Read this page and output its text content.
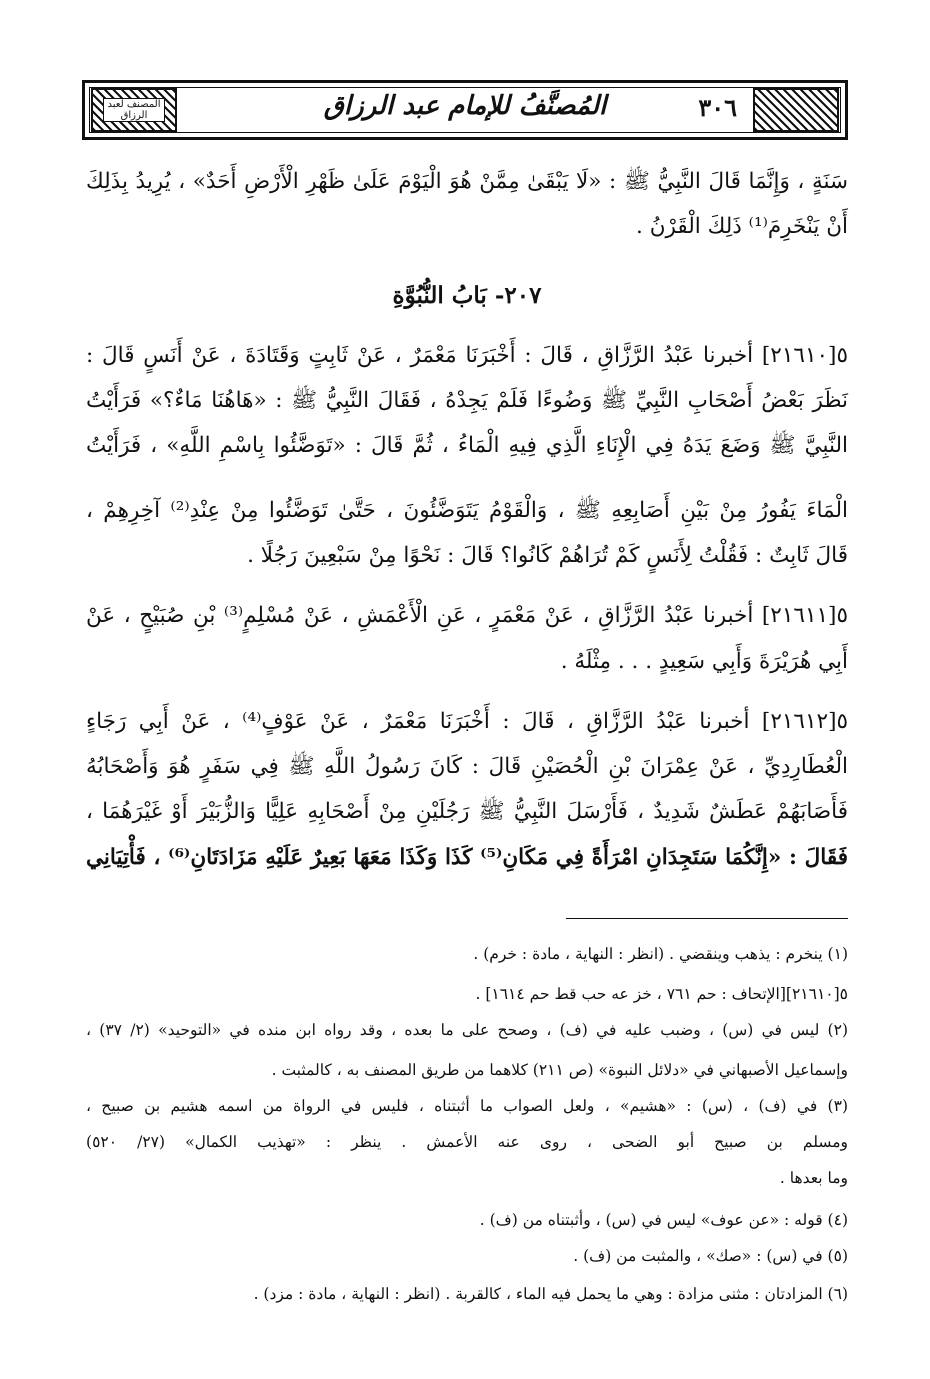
المصنف لعبد الرزاق	المُصنَّفُ للإمام عبد الرزاق	٣٠٦
سَنَةٍ ، وَإِنَّمَا قَالَ النَّبِيُّ ﷺ : «لَا يَبْقَىٰ مِمَّنْ هُوَ الْيَوْمَ عَلَىٰ ظَهْرِ الْأَرْضِ أَحَدٌ» ، يُرِيدُ بِذَلِكَ
أَنْ يَنْخَرِمَ⁽¹⁾ ذَلِكَ الْقَرْنُ .
٢٠٧- بَابُ النُّبُوَّةِ
٥[٢١٦١٠] أخبرنا عَبْدُ الرَّزَّاقِ ، قَالَ : أَخْبَرَنَا مَعْمَرٌ ، عَنْ ثَابِتٍ وَقَتَادَةَ ، عَنْ أَنَسٍ قَالَ :
نَظَرَ بَعْضُ أَصْحَابِ النَّبِيِّ ﷺ وَضُوءًا فَلَمْ يَجِدْهُ ، فَقَالَ النَّبِيُّ ﷺ : «هَاهُنَا مَاءٌ؟» فَرَأَيْتُ
النَّبِيَّ ﷺ وَضَعَ يَدَهُ فِي الْإِنَاءِ الَّذِي فِيهِ الْمَاءُ ، ثُمَّ قَالَ : «تَوَضَّئُوا بِاسْمِ اللَّهِ» ، فَرَأَيْتُ
الْمَاءَ يَفُورُ مِنْ بَيْنِ أَصَابِعِهِ ﷺ ، وَالْقَوْمُ يَتَوَضَّئُونَ ، حَتَّىٰ تَوَضَّئُوا مِنْ عِنْدِ⁽²⁾ آخِرِهِمْ ،
قَالَ ثَابِتٌ : فَقُلْتُ لِأَنَسٍ كَمْ تُرَاهُمْ كَانُوا؟ قَالَ : نَحْوًا مِنْ سَبْعِينَ رَجُلًا .
٥[٢١٦١١] أخبرنا عَبْدُ الرَّزَّاقِ ، عَنْ مَعْمَرٍ ، عَنِ الْأَعْمَشِ ، عَنْ مُسْلِمٍ⁽³⁾ بْنِ صُبَيْحٍ ، عَنْ
أَبِي هُرَيْرَةَ وَأَبِي سَعِيدٍ . . . مِثْلَهُ .
٥[٢١٦١٢] أخبرنا عَبْدُ الرَّزَّاقِ ، قَالَ : أَخْبَرَنَا مَعْمَرٌ ، عَنْ عَوْفٍ⁽⁴⁾ ، عَنْ أَبِي رَجَاءٍ
الْعُطَارِدِيِّ ، عَنْ عِمْرَانَ بْنِ الْحُصَيْنِ قَالَ : كَانَ رَسُولُ اللَّهِ ﷺ فِي سَفَرٍ هُوَ وَأَصْحَابُهُ
فَأَصَابَهُمْ عَطَشٌ شَدِيدٌ ، فَأَرْسَلَ النَّبِيُّ ﷺ رَجُلَيْنِ مِنْ أَصْحَابِهِ عَلِيًّا وَالزُّبَيْرَ أَوْ غَيْرَهُمَا ،
فَقَالَ : «إِنَّكُمَا سَتَجِدَانِ امْرَأَةً فِي مَكَانِ⁽⁵⁾ كَذَا وَكَذَا مَعَهَا بَعِيرٌ عَلَيْهِ مَزَادَتَانِ⁽⁶⁾ ، فَأْتِيَانِي
(١) ينخرم : يذهب وينقضي . (انظر : النهاية ، مادة : خرم) .
٥[٢١٦١٠][الإتحاف : حم ٧٦١ ، خز عه حب قط حم ١٦١٤] .
(٢) ليس في (س) ، وضبب عليه في (ف) ، وصحح على ما بعده ، وقد رواه ابن منده في «التوحيد» (٢/ ٣٧) ،
وإسماعيل الأصبهاني في «دلائل النبوة» (ص ٢١١) كلاهما من طريق المصنف به ، كالمثبت .
(٣) في (ف) ، (س) : «هشيم» ، ولعل الصواب ما أثبتناه ، فليس في الرواة من اسمه هشيم بن صبيح ،
ومسلم بن صبيح أبو الضحى ، روى عنه الأعمش . ينظر : «تهذيب الكمال» (٢٧/ ٥٢٠)
وما بعدها .
(٤) قوله : «عن عوف» ليس في (س) ، وأثبتناه من (ف) .
(٥) في (س) : «صك» ، والمثبت من (ف) .
(٦) المزادتان : مثنى مزادة : وهي ما يحمل فيه الماء ، كالقربة . (انظر : النهاية ، مادة : مزد) .
